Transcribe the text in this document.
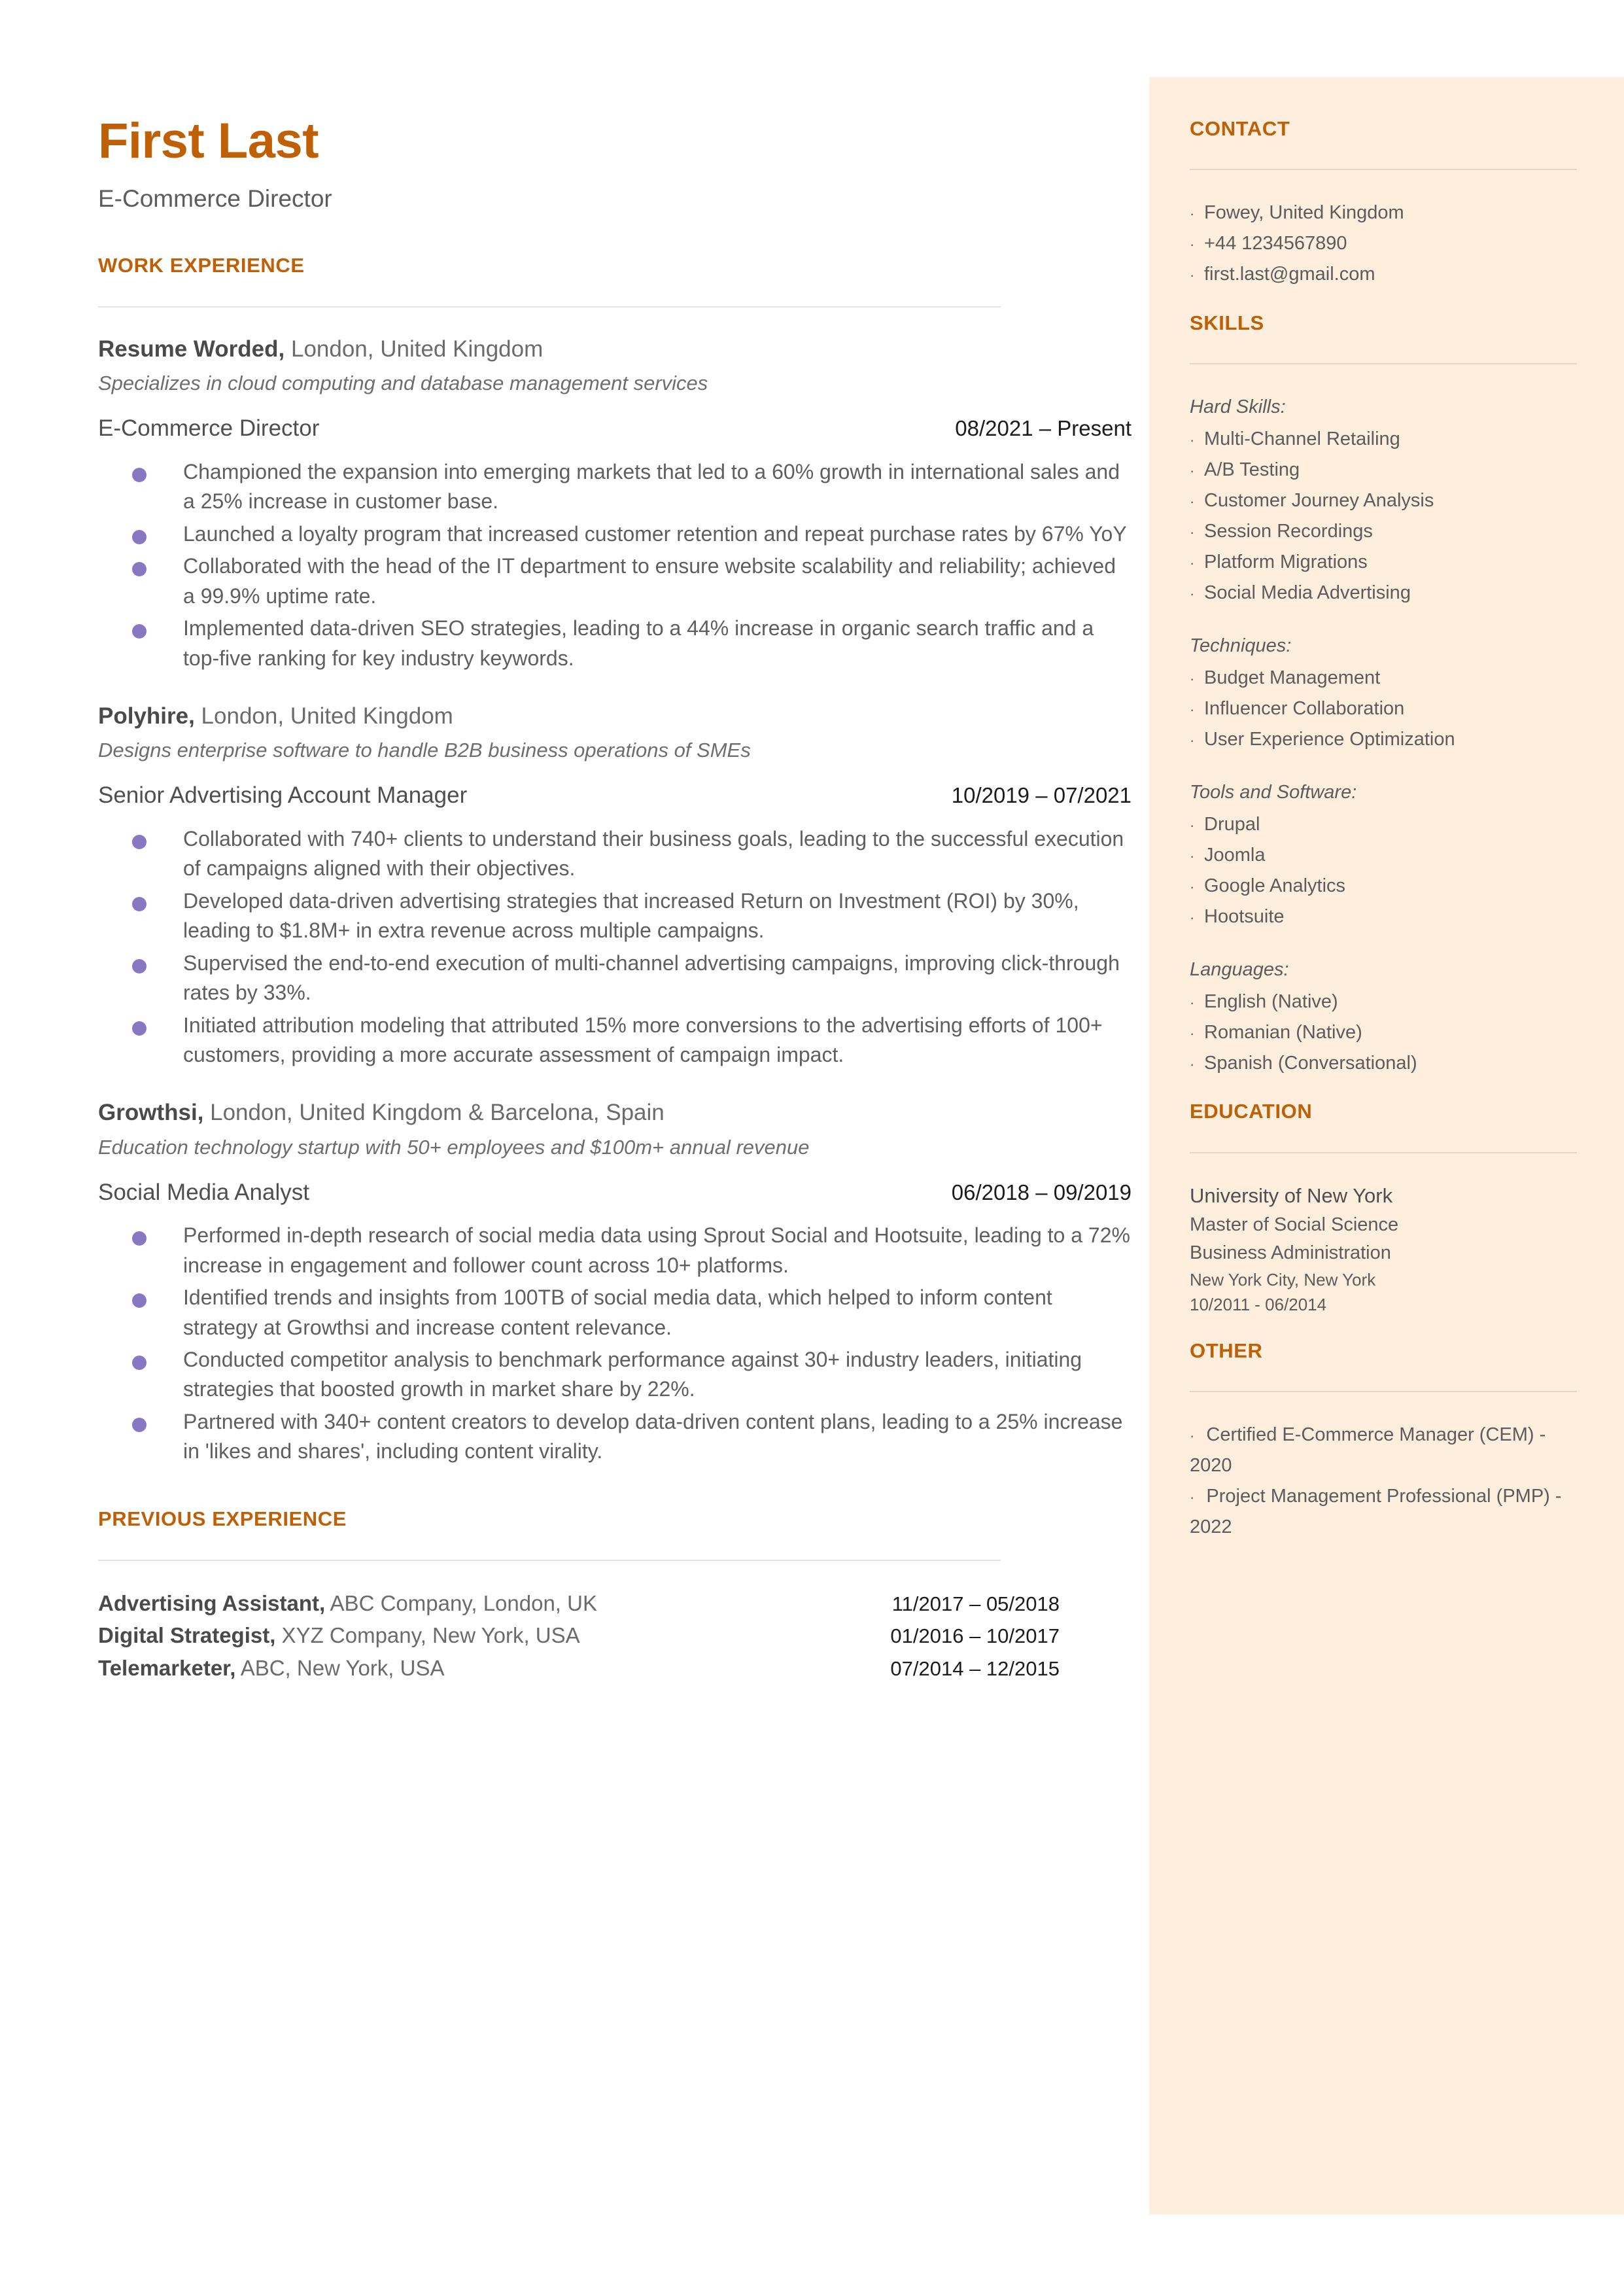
First Last
E-Commerce Director
WORK EXPERIENCE
Resume Worded, London, United Kingdom
Specializes in cloud computing and database management services
E-Commerce Director	08/2021 – Present
Championed the expansion into emerging markets that led to a 60% growth in international sales and a 25% increase in customer base.
Launched a loyalty program that increased customer retention and repeat purchase rates by 67% YoY
Collaborated with the head of the IT department to ensure website scalability and reliability; achieved a 99.9% uptime rate.
Implemented data-driven SEO strategies, leading to a 44% increase in organic search traffic and a top-five ranking for key industry keywords.
Polyhire, London, United Kingdom
Designs enterprise software to handle B2B business operations of SMEs
Senior Advertising Account Manager	10/2019 – 07/2021
Collaborated with 740+ clients to understand their business goals, leading to the successful execution of campaigns aligned with their objectives.
Developed data-driven advertising strategies that increased Return on Investment (ROI) by 30%, leading to $1.8M+ in extra revenue across multiple campaigns.
Supervised the end-to-end execution of multi-channel advertising campaigns, improving click-through rates by 33%.
Initiated attribution modeling that attributed 15% more conversions to the advertising efforts of 100+ customers, providing a more accurate assessment of campaign impact.
Growthsi, London, United Kingdom & Barcelona, Spain
Education technology startup with 50+ employees and $100m+ annual revenue
Social Media Analyst	06/2018 – 09/2019
Performed in-depth research of social media data using Sprout Social and Hootsuite, leading to a 72% increase in engagement and follower count across 10+ platforms.
Identified trends and insights from 100TB of social media data, which helped to inform content strategy at Growthsi and increase content relevance.
Conducted competitor analysis to benchmark performance against 30+ industry leaders, initiating strategies that boosted growth in market share by 22%.
Partnered with 340+ content creators to develop data-driven content plans, leading to a 25% increase in 'likes and shares', including content virality.
PREVIOUS EXPERIENCE
Advertising Assistant, ABC Company, London, UK	11/2017 – 05/2018
Digital Strategist, XYZ Company, New York, USA	01/2016 – 10/2017
Telemarketer, ABC, New York, USA	07/2014 – 12/2015
CONTACT
· Fowey, United Kingdom
· +44 1234567890
· first.last@gmail.com
SKILLS
Hard Skills:
· Multi-Channel Retailing
· A/B Testing
· Customer Journey Analysis
· Session Recordings
· Platform Migrations
· Social Media Advertising
Techniques:
· Budget Management
· Influencer Collaboration
· User Experience Optimization
Tools and Software:
· Drupal
· Joomla
· Google Analytics
· Hootsuite
Languages:
· English (Native)
· Romanian (Native)
· Spanish (Conversational)
EDUCATION
University of New York
Master of Social Science
Business Administration
New York City, New York
10/2011 - 06/2014
OTHER
· Certified E-Commerce Manager (CEM) - 2020
· Project Management Professional (PMP) - 2022
